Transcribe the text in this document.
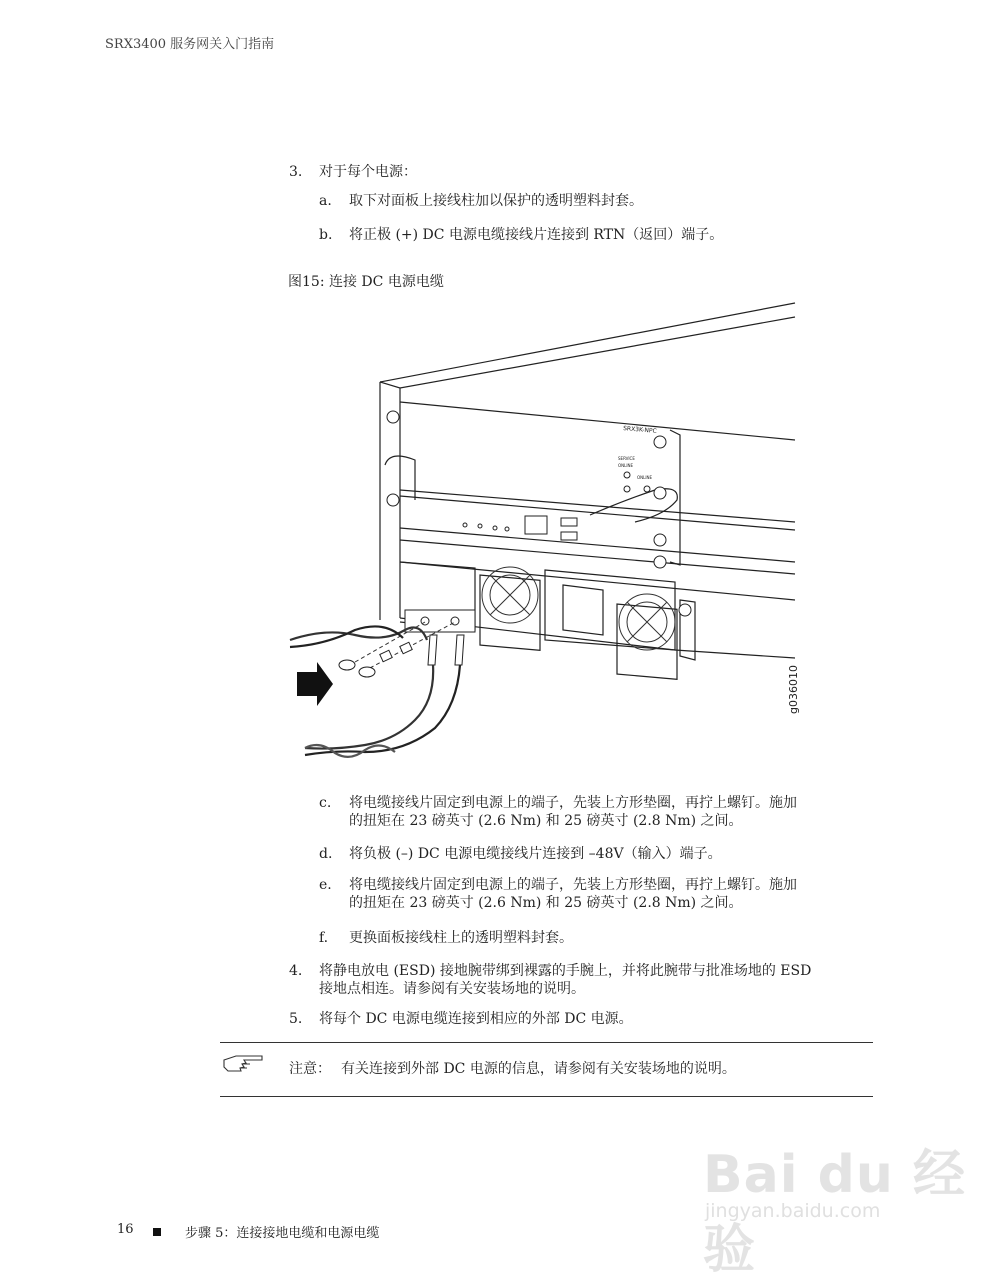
SRX3400 服务网关入门指南
3. 对于每个电源：
a. 取下对面板上接线柱加以保护的透明塑料封套。
b. 将正极 (+) DC 电源电缆接线片连接到 RTN（返回）端子。
图15: 连接 DC 电源电缆
SRX3K-NPC
SERVICE
ONLINE
ONLINE
g036010
c. 将电缆接线片固定到电源上的端子，先装上方形垫圈，再拧上螺钉。施加
的扭矩在 23 磅英寸 (2.6 Nm) 和 25 磅英寸 (2.8 Nm) 之间。
d. 将负极 (–) DC 电源电缆接线片连接到 –48V（输入）端子。
e. 将电缆接线片固定到电源上的端子，先装上方形垫圈，再拧上螺钉。施加
的扭矩在 23 磅英寸 (2.6 Nm) 和 25 磅英寸 (2.8 Nm) 之间。
f. 更换面板接线柱上的透明塑料封套。
4. 将静电放电 (ESD) 接地腕带绑到裸露的手腕上，并将此腕带与批准场地的 ESD
接地点相连。请参阅有关安装场地的说明。
5. 将每个 DC 电源电缆连接到相应的外部 DC 电源。
注意： 有关连接到外部 DC 电源的信息，请参阅有关安装场地的说明。
16	步骤 5：连接接地电缆和电源电缆
Bai du 经验
jingyan.baidu.com
